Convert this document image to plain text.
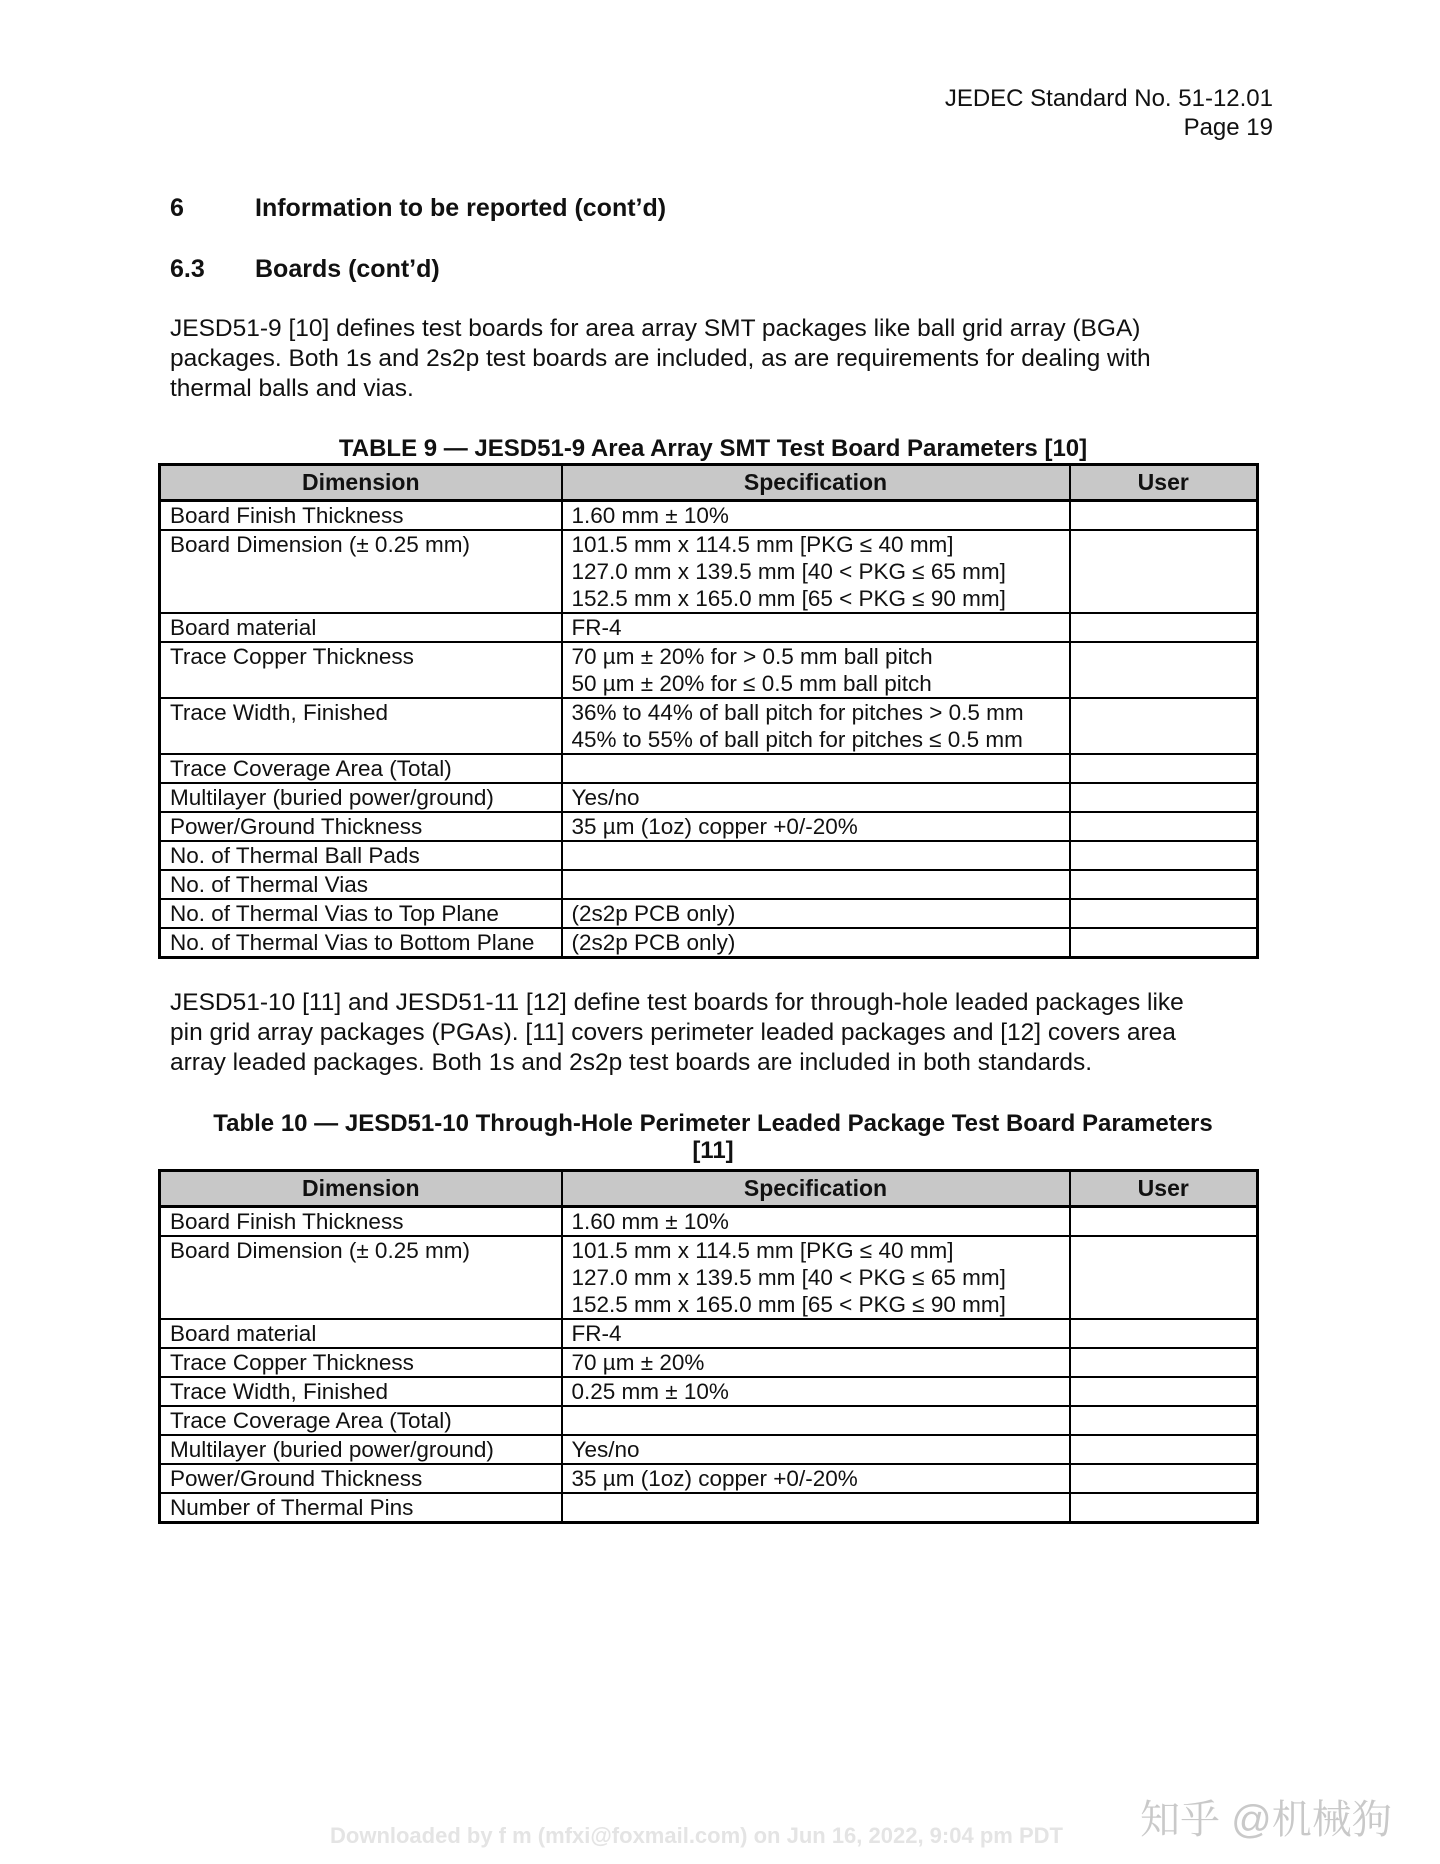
JEDEC Standard No. 51-12.01
Page 19
6	Information to be reported (cont’d)
6.3 Boards (cont’d)
JESD51-9 [10] defines test boards for area array SMT packages like ball grid array (BGA)
packages. Both 1s and 2s2p test boards are included, as are requirements for dealing with
thermal balls and vias.
TABLE 9 — JESD51-9 Area Array SMT Test Board Parameters [10]
Dimension	Specification	User
Board Finish Thickness	1.60 mm ± 10%	

Board Dimension (± 0.25 mm)	101.5 mm x 114.5 mm [PKG ≤ 40 mm]
127.0 mm x 139.5 mm [40 < PKG ≤ 65 mm]
152.5 mm x 165.0 mm [65 < PKG ≤ 90 mm]	

Board material	FR-4	

Trace Copper Thickness	70 µm ± 20% for > 0.5 mm ball pitch
50 µm ± 20% for ≤ 0.5 mm ball pitch	

Trace Width, Finished	36% to 44% of ball pitch for pitches > 0.5 mm
45% to 55% of ball pitch for pitches ≤ 0.5 mm	

Trace Coverage Area (Total)	

Multilayer (buried power/ground)	Yes/no	

Power/Ground Thickness	35 µm (1oz) copper +0/-20%	

No. of Thermal Ball Pads	

No. of Thermal Vias	

No. of Thermal Vias to Top Plane	(2s2p PCB only)	

No. of Thermal Vias to Bottom Plane	(2s2p PCB only)	

JESD51-10 [11] and JESD51-11 [12] define test boards for through-hole leaded packages like
pin grid array packages (PGAs). [11] covers perimeter leaded packages and [12] covers area
array leaded packages. Both 1s and 2s2p test boards are included in both standards.
Table 10 — JESD51-10 Through-Hole Perimeter Leaded Package Test Board Parameters
[11]
Dimension	Specification	User
Board Finish Thickness	1.60 mm ± 10%	

Board Dimension (± 0.25 mm)	101.5 mm x 114.5 mm [PKG ≤ 40 mm]
127.0 mm x 139.5 mm [40 < PKG ≤ 65 mm]
152.5 mm x 165.0 mm [65 < PKG ≤ 90 mm]	

Board material	FR-4	

Trace Copper Thickness	70 µm ± 20%	

Trace Width, Finished	0.25 mm ± 10%	

Trace Coverage Area (Total)	

Multilayer (buried power/ground)	Yes/no	

Power/Ground Thickness	35 µm (1oz) copper +0/-20%	

Number of Thermal Pins	

Downloaded by f m (mfxi@foxmail.com) on Jun 16, 2022, 9:04 pm PDT 知乎 @机械狗
